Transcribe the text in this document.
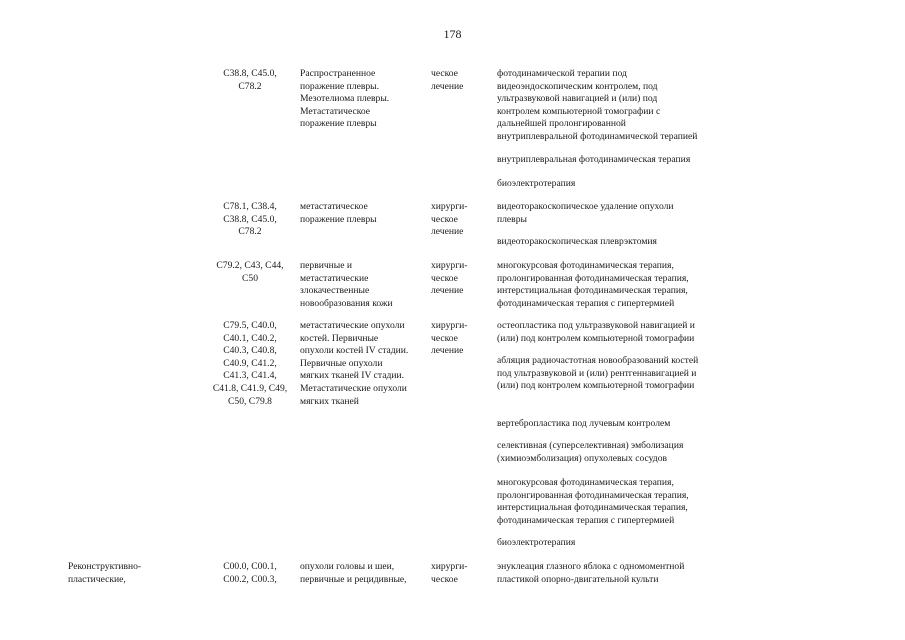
178
C38.8, C45.0,
C78.2
Распространенное
поражение плевры.
Мезотелиома плевры.
Метастатическое
поражение плевры
ческое
лечение
фотодинамической терапии под
видеоэндоскопическим контролем, под
ультразвуковой навигацией и (или) под
контролем компьютерной томографии с
дальнейшей пролонгированной
внутриплевральной фотодинамической терапией
внутриплевральная фотодинамическая терапия
биоэлектротерапия
C78.1, C38.4,
C38.8, C45.0,
C78.2
метастатическое
поражение плевры
хирурги-
ческое
лечение
видеоторакоскопическое удаление опухоли
плевры
видеоторакоскопическая плеврэктомия
C79.2, C43, C44,
C50
первичные и
метастатические
злокачественные
новообразования кожи
хирурги-
ческое
лечение
многокурсовая фотодинамическая терапия,
пролонгированная фотодинамическая терапия,
интерстициальная фотодинамическая терапия,
фотодинамическая терапия с гипертермией
C79.5, C40.0,
C40.1, C40.2,
C40.3, C40.8,
C40.9, C41.2,
C41.3, C41.4,
C41.8, C41.9, C49,
C50, C79.8
метастатические опухоли
костей. Первичные
опухоли костей IV стадии.
Первичные опухоли
мягких тканей IV стадии.
Метастатические опухоли
мягких тканей
хирурги-
ческое
лечение
остеопластика под ультразвуковой навигацией и
(или) под контролем компьютерной томографии
абляция радиочастотная новообразований костей
под ультразвуковой и (или) рентгеннавигацией и
(или) под контролем компьютерной томографии
вертебропластика под лучевым контролем
селективная (суперселективная) эмболизация
(химиоэмболизация) опухолевых сосудов
многокурсовая фотодинамическая терапия,
пролонгированная фотодинамическая терапия,
интерстициальная фотодинамическая терапия,
фотодинамическая терапия с гипертермией
биоэлектротерапия
Реконструктивно-
пластические,
C00.0, C00.1,
C00.2, C00.3,
опухоли головы и шеи,
первичные и рецидивные,
хирурги-
ческое
энуклеация глазного яблока с одномоментной
пластикой опорно-двигательной культи
